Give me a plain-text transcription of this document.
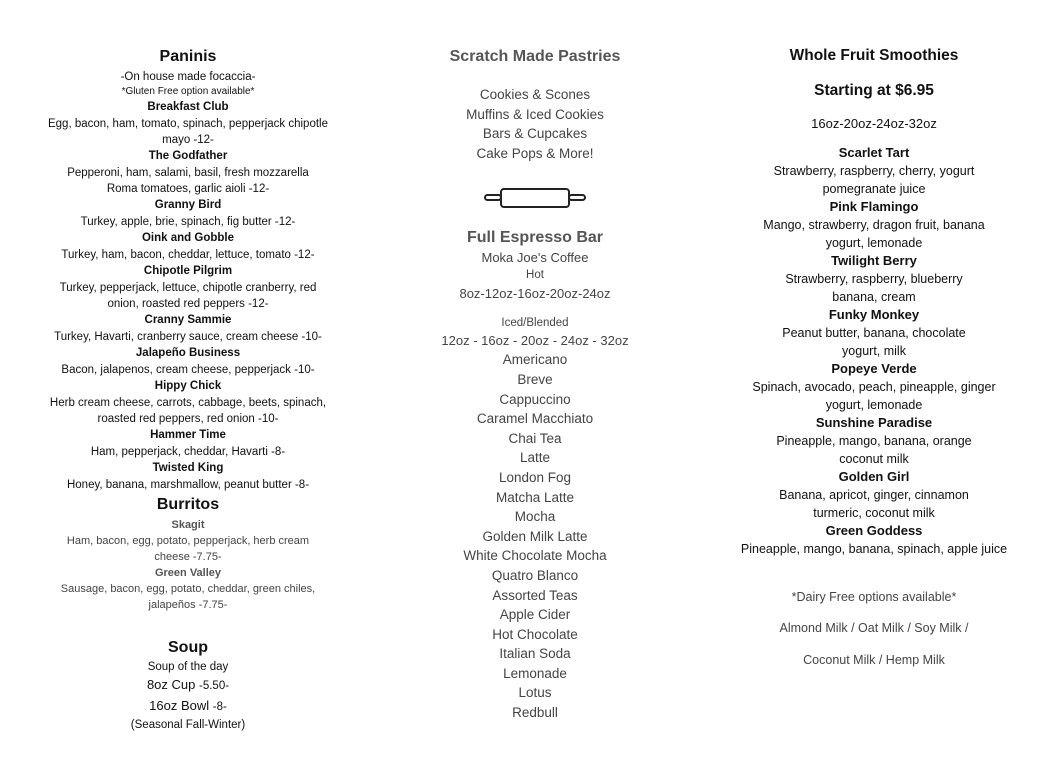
Paninis

-On house made focaccia-

*Gluten Free option available*

Breakfast Club

Egg, bacon, ham, tomato, spinach, pepperjack chipotle

mayo -12-

The Godfather

Pepperoni, ham, salami, basil, fresh mozzarella

Roma tomatoes, garlic aioli -12-

Granny Bird

Turkey, apple, brie, spinach, fig butter -12-

Oink and Gobble

Turkey, ham, bacon, cheddar, lettuce, tomato -12-

Chipotle Pilgrim

Turkey, pepperjack, lettuce, chipotle cranberry, red

onion, roasted red peppers -12-

Cranny Sammie

Turkey, Havarti, cranberry sauce, cream cheese -10-

Jalapeño Business

Bacon, jalapenos, cream cheese, pepperjack -10-

Hippy Chick

Herb cream cheese, carrots, cabbage, beets, spinach,

roasted red peppers, red onion -10-

Hammer Time

Ham, pepperjack, cheddar, Havarti -8-

Twisted King

Honey, banana, marshmallow, peanut butter -8-

Burritos

Skagit

Ham, bacon, egg, potato, pepperjack, herb cream

cheese -7.75-

Green Valley

Sausage, bacon, egg, potato, cheddar, green chiles,

jalapeños -7.75-

Soup

Soup of the day

8oz Cup -5.50-

16oz Bowl -8-

(Seasonal Fall-Winter)

Scratch Made Pastries

Cookies & Scones

Muffins & Iced Cookies

Bars & Cupcakes

Cake Pops & More!

Full Espresso Bar

Moka Joe's Coffee

Hot

8oz-12oz-16oz-20oz-24oz

Iced/Blended

12oz - 16oz - 20oz - 24oz - 32oz

Americano

Breve

Cappuccino

Caramel Macchiato

Chai Tea

Latte

London Fog

Matcha Latte

Mocha

Golden Milk Latte

White Chocolate Mocha

Quatro Blanco

Assorted Teas

Apple Cider

Hot Chocolate

Italian Soda

Lemonade

Lotus

Redbull

Whole Fruit Smoothies

Starting at $6.95

16oz-20oz-24oz-32oz

Scarlet Tart

Strawberry, raspberry, cherry, yogurt

pomegranate juice

Pink Flamingo

Mango, strawberry, dragon fruit, banana

yogurt, lemonade

Twilight Berry

Strawberry, raspberry, blueberry

banana, cream

Funky Monkey

Peanut butter, banana, chocolate

yogurt, milk

Popeye Verde

Spinach, avocado, peach, pineapple, ginger

yogurt, lemonade

Sunshine Paradise

Pineapple, mango, banana, orange

coconut milk

Golden Girl

Banana, apricot, ginger, cinnamon

turmeric, coconut milk

Green Goddess

Pineapple, mango, banana, spinach, apple juice

*Dairy Free options available*

Almond Milk / Oat Milk / Soy Milk /

Coconut Milk / Hemp Milk
